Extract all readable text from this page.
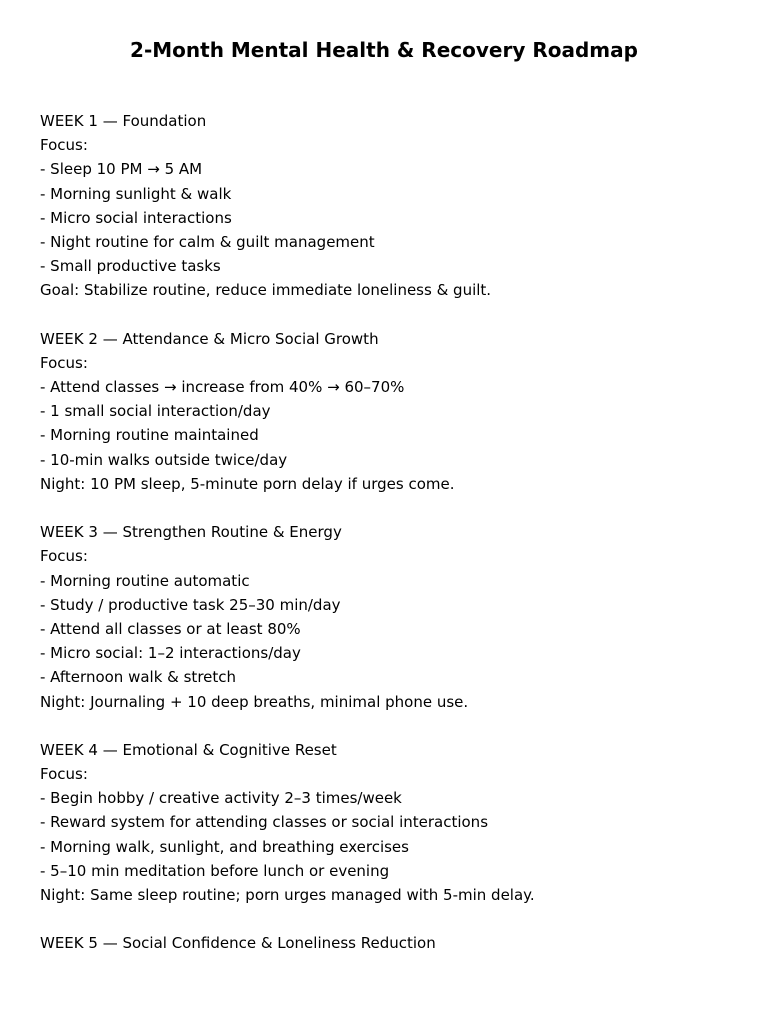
2-Month Mental Health & Recovery Roadmap
WEEK 1 — Foundation
Focus:
- Sleep 10 PM → 5 AM
- Morning sunlight & walk
- Micro social interactions
- Night routine for calm & guilt management
- Small productive tasks
Goal: Stabilize routine, reduce immediate loneliness & guilt.
WEEK 2 — Attendance & Micro Social Growth
Focus:
- Attend classes → increase from 40% → 60–70%
- 1 small social interaction/day
- Morning routine maintained
- 10-min walks outside twice/day
Night: 10 PM sleep, 5-minute porn delay if urges come.
WEEK 3 — Strengthen Routine & Energy
Focus:
- Morning routine automatic
- Study / productive task 25–30 min/day
- Attend all classes or at least 80%
- Micro social: 1–2 interactions/day
- Afternoon walk & stretch
Night: Journaling + 10 deep breaths, minimal phone use.
WEEK 4 — Emotional & Cognitive Reset
Focus:
- Begin hobby / creative activity 2–3 times/week
- Reward system for attending classes or social interactions
- Morning walk, sunlight, and breathing exercises
- 5–10 min meditation before lunch or evening
Night: Same sleep routine; porn urges managed with 5-min delay.
WEEK 5 — Social Confidence & Loneliness Reduction
